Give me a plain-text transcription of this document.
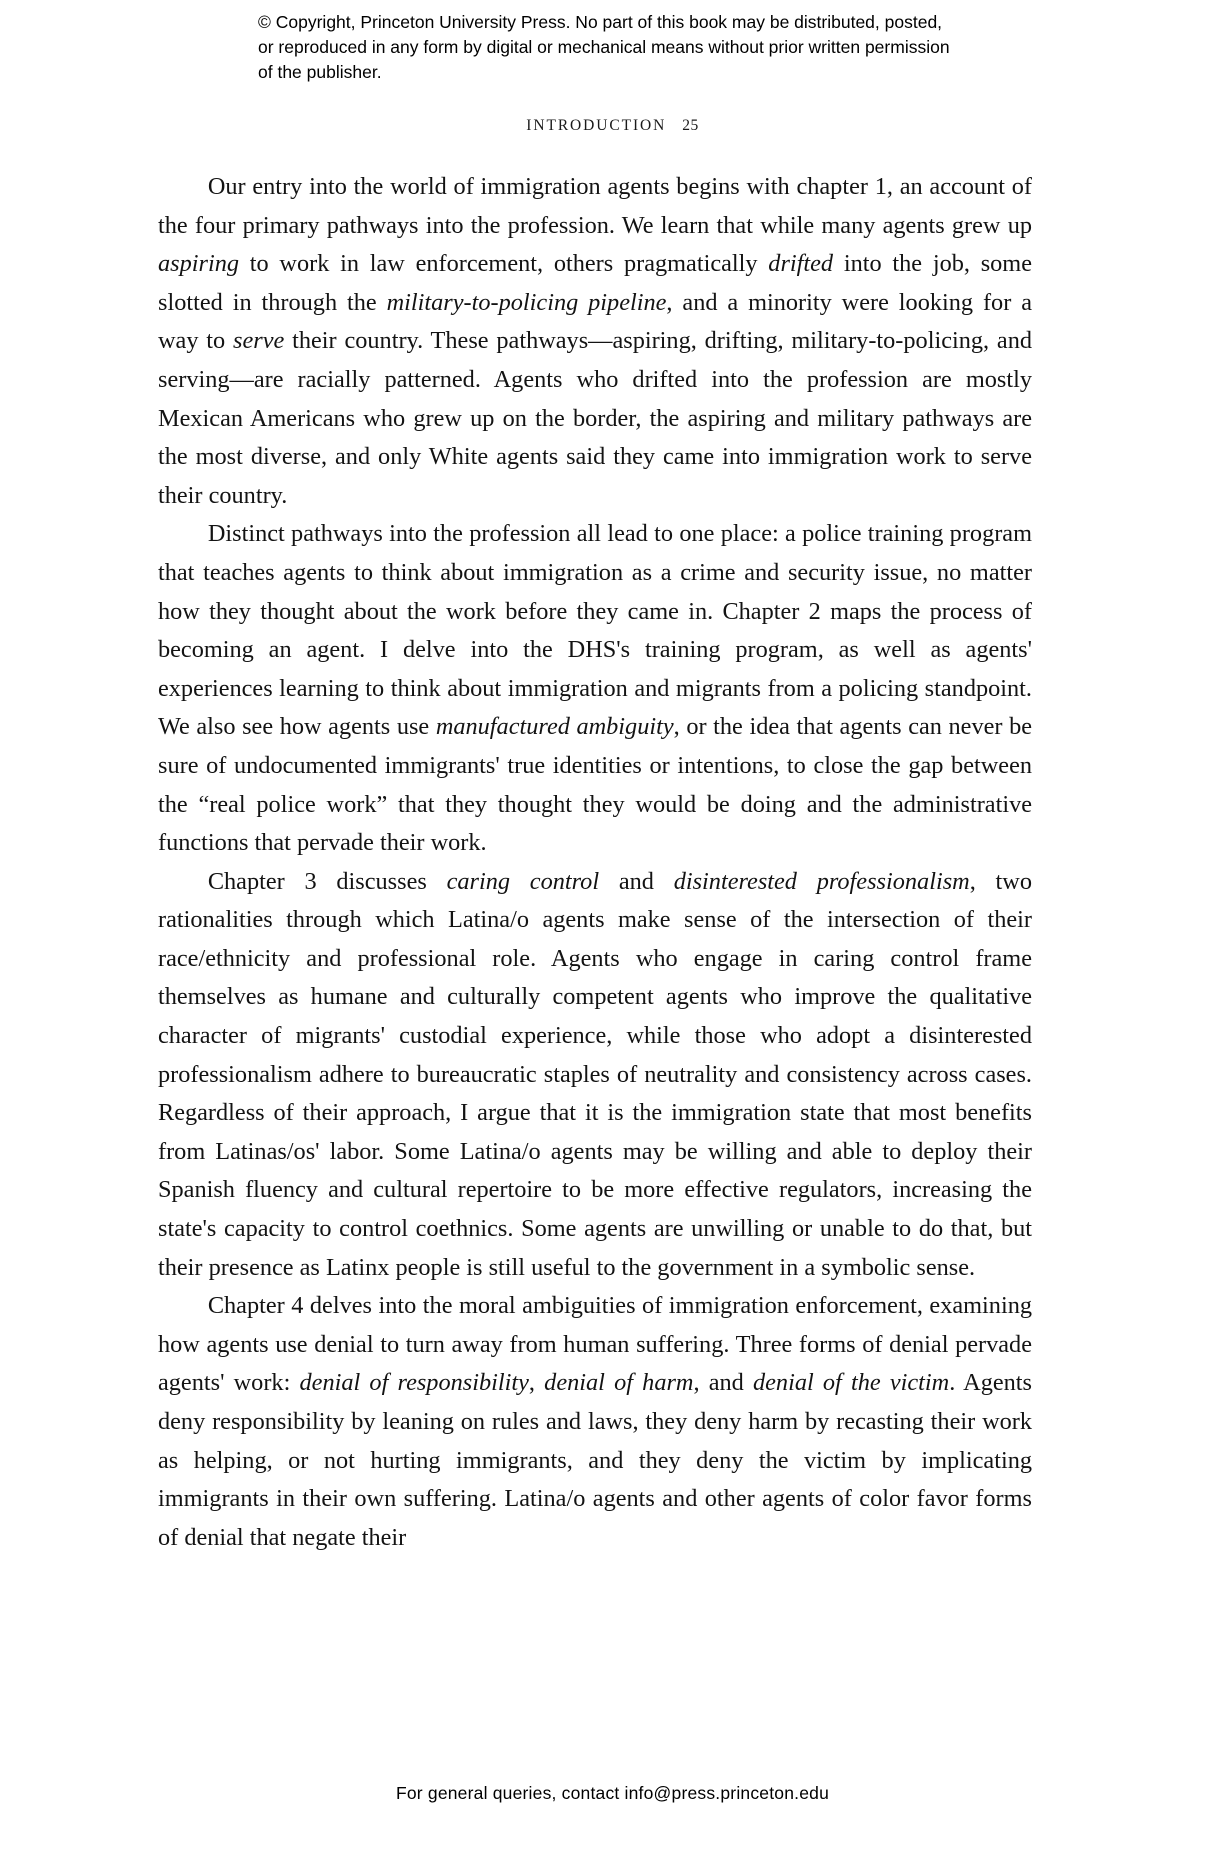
© Copyright, Princeton University Press. No part of this book may be distributed, posted, or reproduced in any form by digital or mechanical means without prior written permission of the publisher.
INTRODUCTION 25

Our entry into the world of immigration agents begins with chapter 1, an account of the four primary pathways into the profession. We learn that while many agents grew up aspiring to work in law enforcement, others pragmatically drifted into the job, some slotted in through the military-to-policing pipeline, and a minority were looking for a way to serve their country. These pathways—aspiring, drifting, military-to-policing, and serving—are racially patterned. Agents who drifted into the profession are mostly Mexican Americans who grew up on the border, the aspiring and military pathways are the most diverse, and only White agents said they came into immigration work to serve their country.

Distinct pathways into the profession all lead to one place: a police training program that teaches agents to think about immigration as a crime and security issue, no matter how they thought about the work before they came in. Chapter 2 maps the process of becoming an agent. I delve into the DHS's training program, as well as agents' experiences learning to think about immigration and migrants from a policing standpoint. We also see how agents use manufactured ambiguity, or the idea that agents can never be sure of undocumented immigrants' true identities or intentions, to close the gap between the “real police work” that they thought they would be doing and the administrative functions that pervade their work.

Chapter 3 discusses caring control and disinterested professionalism, two rationalities through which Latina/o agents make sense of the intersection of their race/ethnicity and professional role. Agents who engage in caring control frame themselves as humane and culturally competent agents who improve the qualitative character of migrants' custodial experience, while those who adopt a disinterested professionalism adhere to bureaucratic staples of neutrality and consistency across cases. Regardless of their approach, I argue that it is the immigration state that most benefits from Latinas/os' labor. Some Latina/o agents may be willing and able to deploy their Spanish fluency and cultural repertoire to be more effective regulators, increasing the state's capacity to control coethnics. Some agents are unwilling or unable to do that, but their presence as Latinx people is still useful to the government in a symbolic sense.

Chapter 4 delves into the moral ambiguities of immigration enforcement, examining how agents use denial to turn away from human suffering. Three forms of denial pervade agents' work: denial of responsibility, denial of harm, and denial of the victim. Agents deny responsibility by leaning on rules and laws, they deny harm by recasting their work as helping, or not hurting immigrants, and they deny the victim by implicating immigrants in their own suffering. Latina/o agents and other agents of color favor forms of denial that negate their

For general queries, contact info@press.princeton.edu
